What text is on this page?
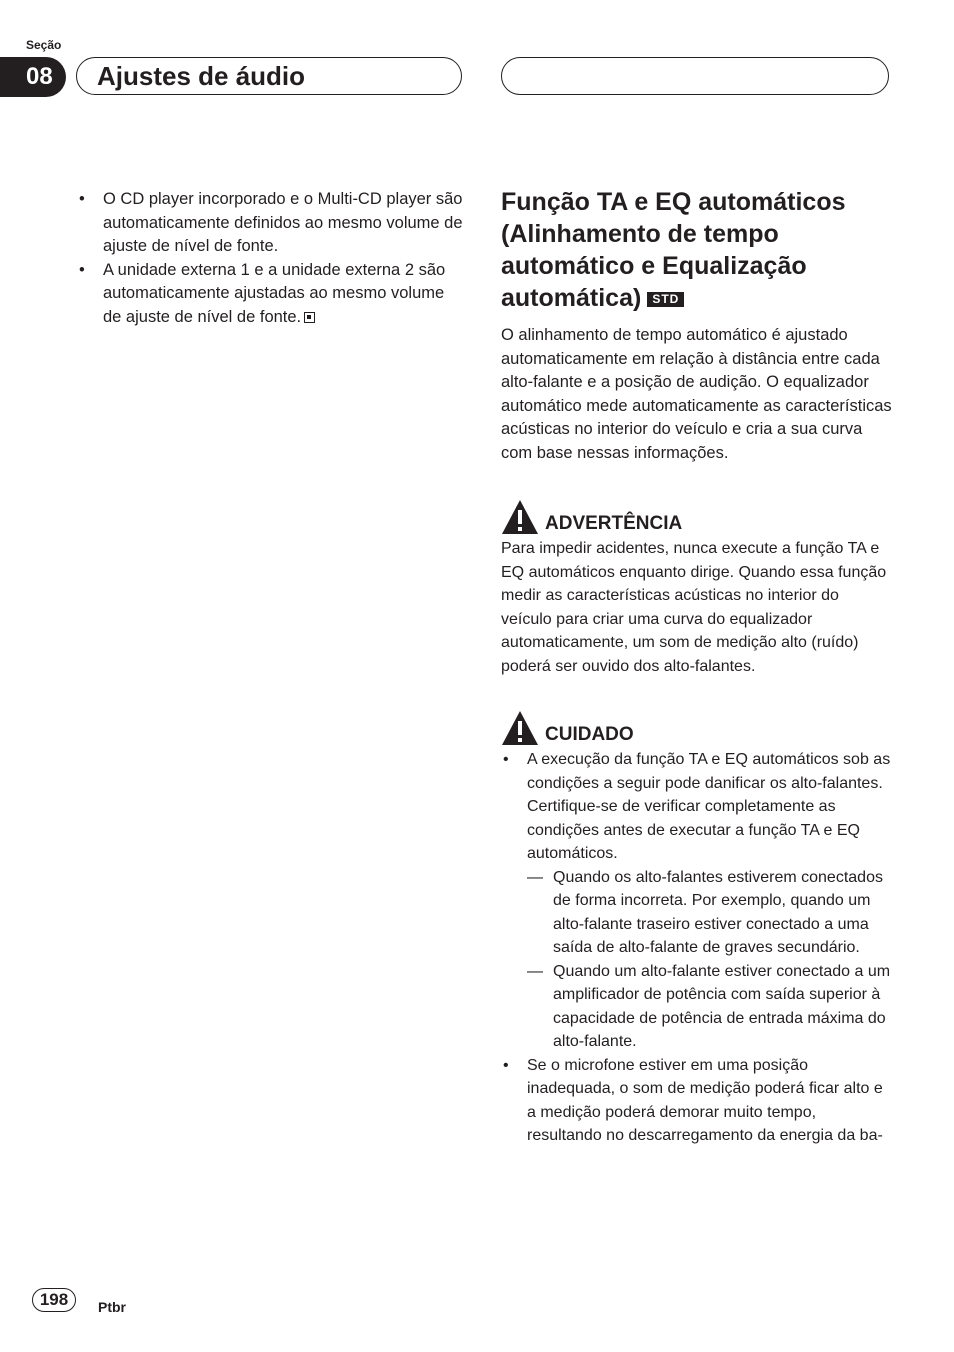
Seção
08	Ajustes de áudio
• O CD player incorporado e o Multi-CD player são automaticamente definidos ao mesmo volume de ajuste de nível de fonte.
• A unidade externa 1 e a unidade externa 2 são automaticamente ajustadas ao mesmo volume de ajuste de nível de fonte.
Função TA e EQ automáticos (Alinhamento de tempo automático e Equalização automática) STD

O alinhamento de tempo automático é ajustado automaticamente em relação à distância entre cada alto-falante e a posição de audição. O equalizador automático mede automaticamente as características acústicas no interior do veículo e cria a sua curva com base nessas informações.

ADVERTÊNCIA
Para impedir acidentes, nunca execute a função TA e EQ automáticos enquanto dirige. Quando essa função medir as características acústicas no interior do veículo para criar uma curva do equalizador automaticamente, um som de medição alto (ruído) poderá ser ouvido dos alto-falantes.
CUIDADO
• A execução da função TA e EQ automáticos sob as condições a seguir pode danificar os alto-falantes. Certifique-se de verificar completamente as condições antes de executar a função TA e EQ automáticos.
— Quando os alto-falantes estiverem conectados de forma incorreta. Por exemplo, quando um alto-falante traseiro estiver conectado a uma saída de alto-falante de graves secundário.
— Quando um alto-falante estiver conectado a um amplificador de potência com saída superior à capacidade de potência de entrada máxima do alto-falante.
• Se o microfone estiver em uma posição inadequada, o som de medição poderá ficar alto e a medição poderá demorar muito tempo, resultando no descarregamento da energia da ba-
198	Ptbr
